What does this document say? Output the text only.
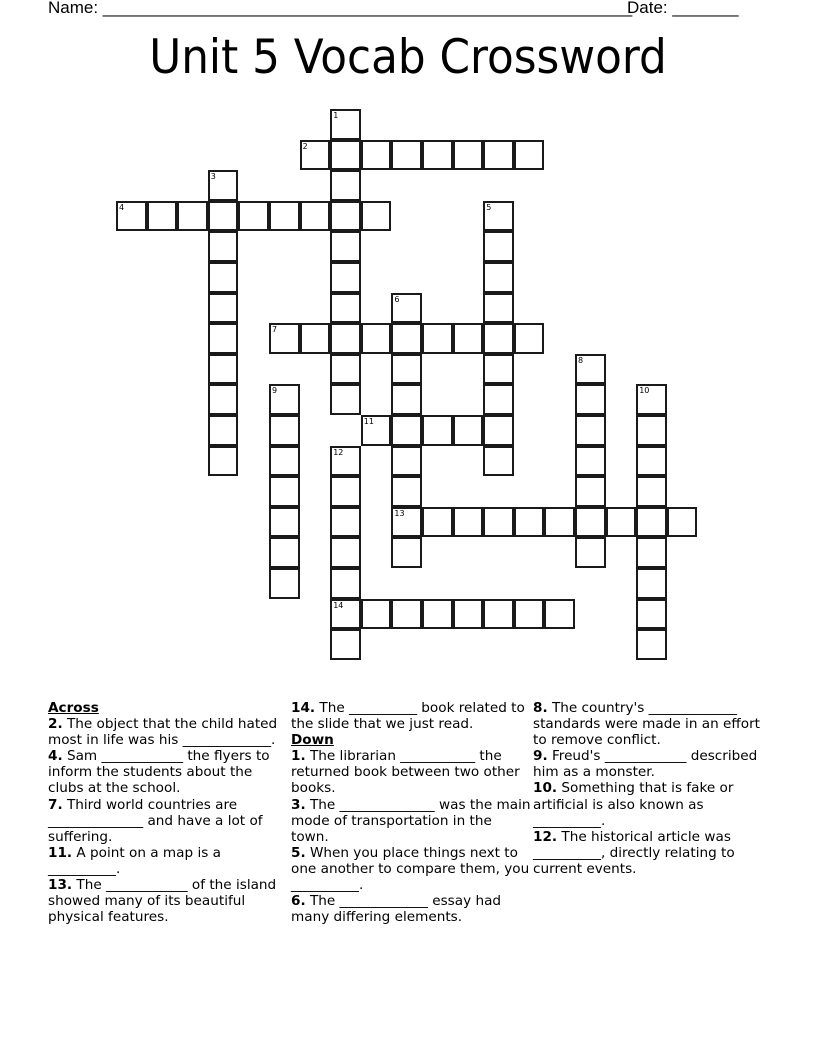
Name: ________________________________________________________
Date: _______
Unit 5 Vocab Crossword
1
2
3
4	5
6
13
7
8
9	10
11
12
14
Across
2. The object that the child hated most in life was his _____________.
4. Sam ____________ the flyers to inform the students about the clubs at the school.
7. Third world countries are ______________ and have a lot of suffering.
11. A point on a map is a __________.
13. The ____________ of the island showed many of its beautiful physical features.
14. The __________ book related to the slide that we just read.
Down
1. The librarian ___________ the returned book between two other books.
3. The ______________ was the main mode of transportation in the town.
5. When you place things next to one another to compare them, you __________.
6. The _____________ essay had many differing elements.
8. The country's _____________ standards were made in an effort to remove conflict.
9. Freud's ____________ described him as a monster.
10. Something that is fake or artificial is also known as __________.
12. The historical article was __________, directly relating to current events.
